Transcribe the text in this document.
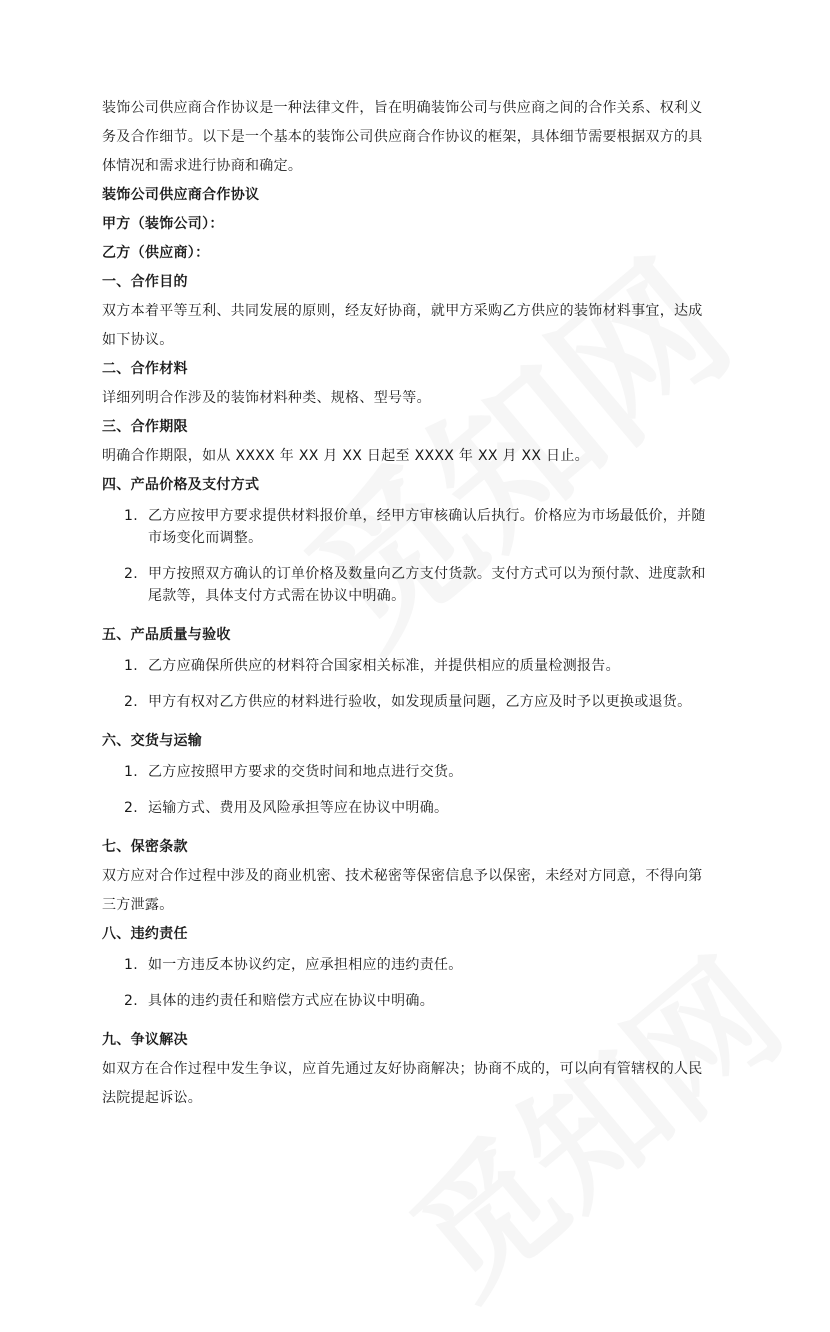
装饰公司供应商合作协议是一种法律文件，旨在明确装饰公司与供应商之间的合作关系、权利义

务及合作细节。以下是一个基本的装饰公司供应商合作协议的框架，具体细节需要根据双方的具

体情况和需求进行协商和确定。

装饰公司供应商合作协议

甲方（装饰公司）：

乙方（供应商）：

一、合作目的

双方本着平等互利、共同发展的原则，经友好协商，就甲方采购乙方供应的装饰材料事宜，达成

如下协议。

二、合作材料

详细列明合作涉及的装饰材料种类、规格、型号等。

三、合作期限

明确合作期限，如从 XXXX 年 XX 月 XX 日起至 XXXX 年 XX 月 XX 日止。

四、产品价格及支付方式

1. 乙方应按甲方要求提供材料报价单，经甲方审核确认后执行。价格应为市场最低价，并随
市场变化而调整。
2. 甲方按照双方确认的订单价格及数量向乙方支付货款。支付方式可以为预付款、进度款和
尾款等，具体支付方式需在协议中明确。

五、产品质量与验收

1. 乙方应确保所供应的材料符合国家相关标准，并提供相应的质量检测报告。
2. 甲方有权对乙方供应的材料进行验收，如发现质量问题，乙方应及时予以更换或退货。

六、交货与运输

1. 乙方应按照甲方要求的交货时间和地点进行交货。
2. 运输方式、费用及风险承担等应在协议中明确。

七、保密条款

双方应对合作过程中涉及的商业机密、技术秘密等保密信息予以保密，未经对方同意，不得向第

三方泄露。

八、违约责任

1. 如一方违反本协议约定，应承担相应的违约责任。
2. 具体的违约责任和赔偿方式应在协议中明确。

九、争议解决

如双方在合作过程中发生争议，应首先通过友好协商解决；协商不成的，可以向有管辖权的人民

法院提起诉讼。
